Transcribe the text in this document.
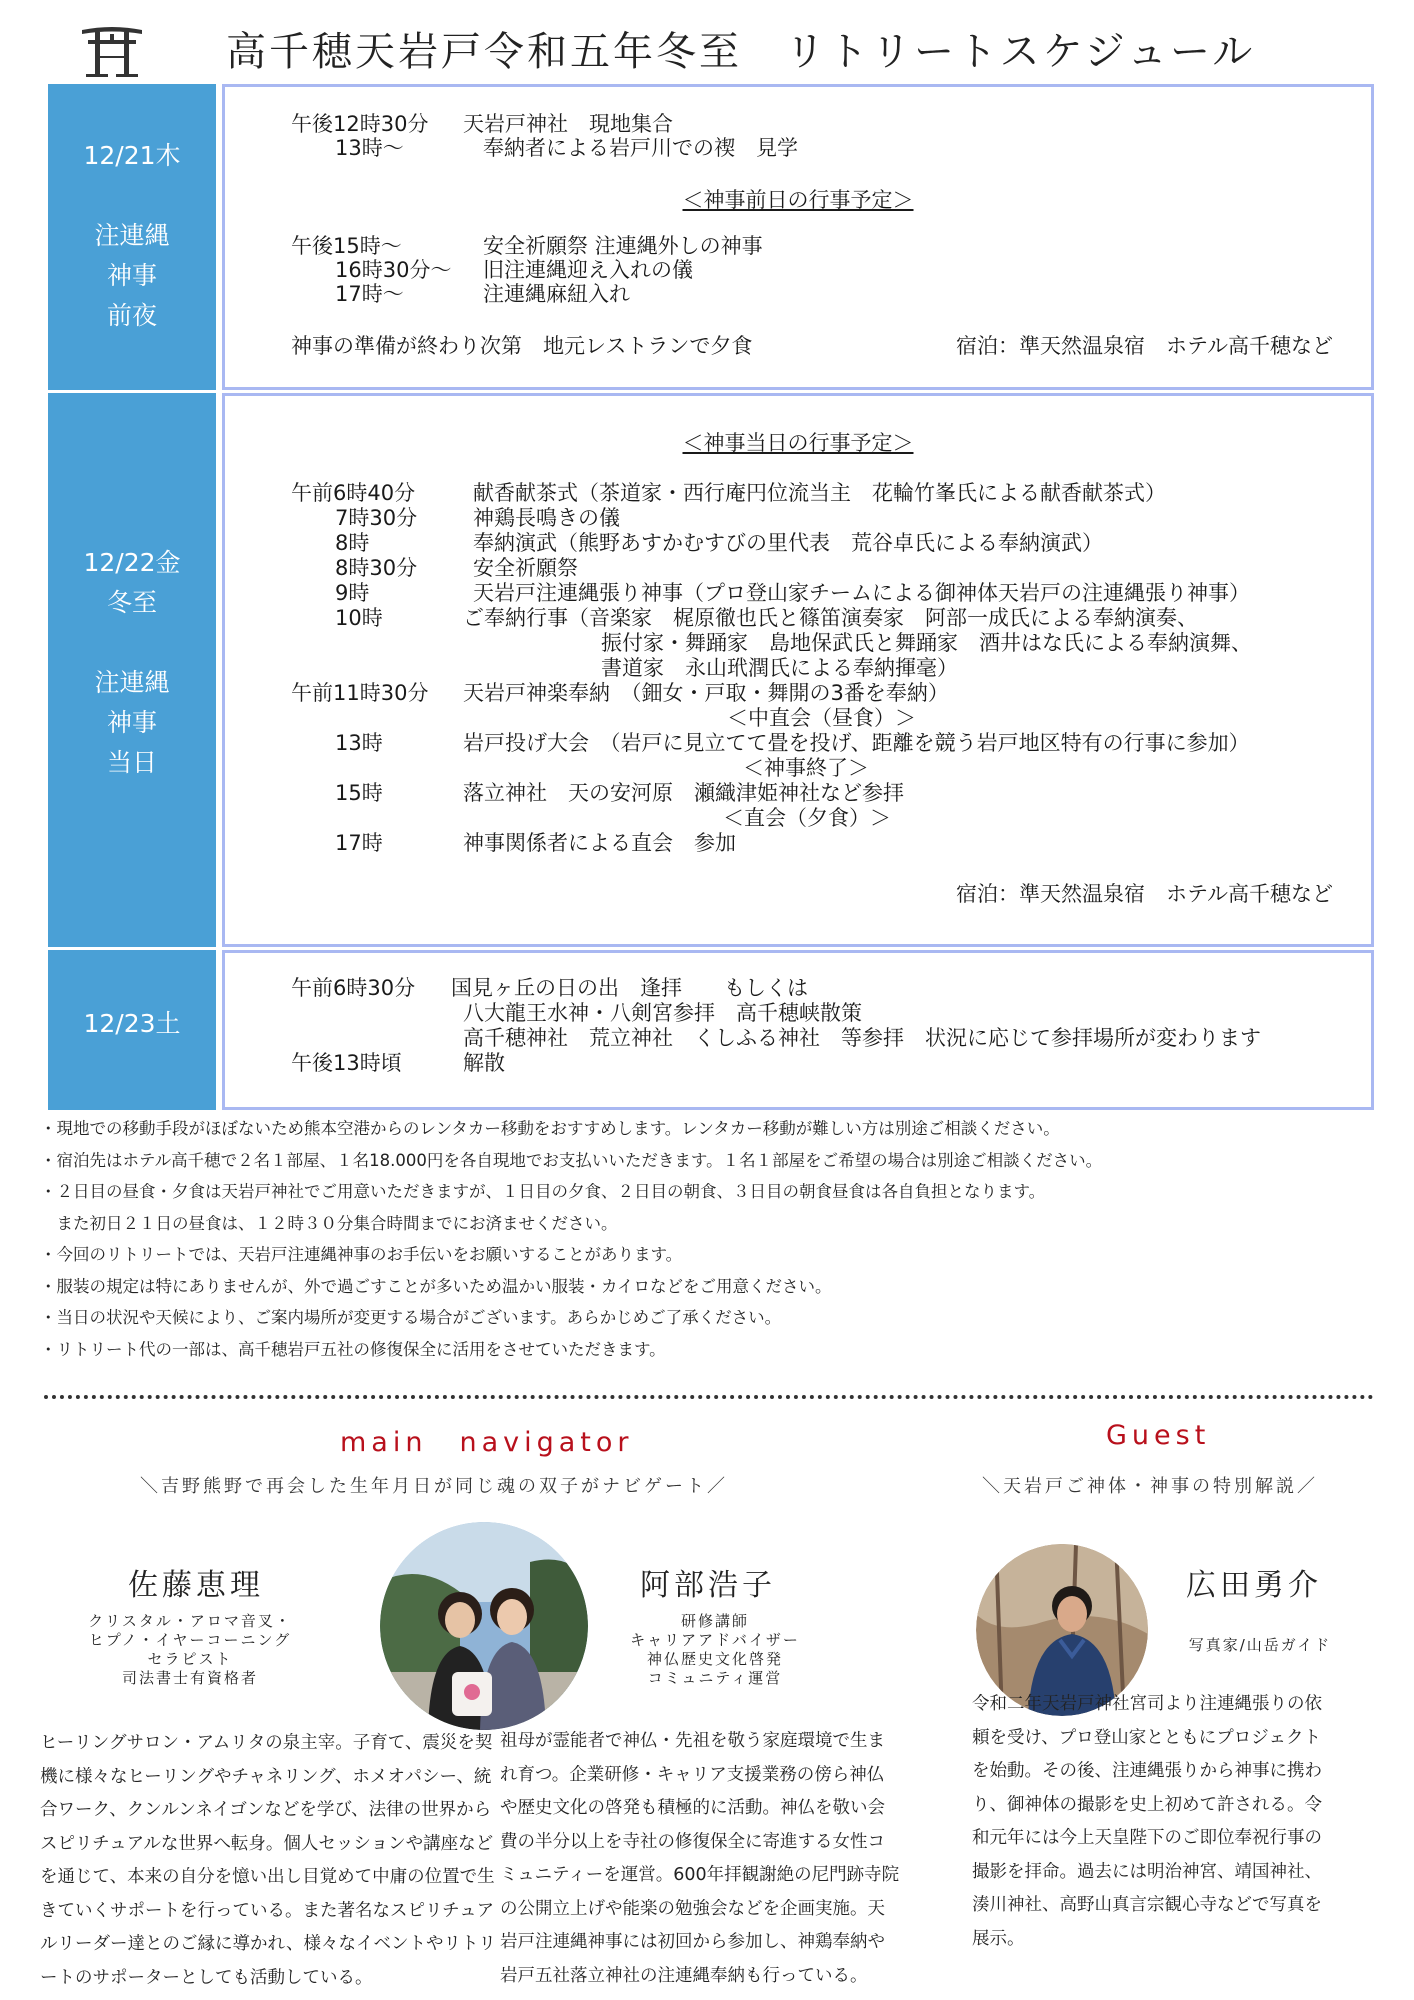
高千穂天岩戸令和五年冬至　リトリートスケジュール
12/21木

注連縄
神事
前夜
午後12時30分 天岩戸神社　現地集合
13時～	奉納者による岩戸川での禊　見学
＜神事前日の行事予定＞
午後15時～	安全祈願祭 注連縄外しの神事
16時30分～ 旧注連縄迎え入れの儀
17時～	注連縄麻紐入れ
神事の準備が終わり次第　地元レストランで夕食	宿泊：準天然温泉宿　ホテル高千穂など
12/22金
冬至

注連縄
神事
当日
＜神事当日の行事予定＞
午前6時40分	献香献茶式（茶道家・西行庵円位流当主　花輪竹峯氏による献香献茶式）
7時30分	神鶏長鳴きの儀
8時	奉納演武（熊野あすかむすびの里代表　荒谷卓氏による奉納演武）
8時30分	安全祈願祭
9時	天岩戸注連縄張り神事（プロ登山家チームによる御神体天岩戸の注連縄張り神事）
10時	ご奉納行事（音楽家　梶原徹也氏と篠笛演奏家　阿部一成氏による奉納演奏、
振付家・舞踊家　島地保武氏と舞踊家　酒井はな氏による奉納演舞、
書道家　永山玳潤氏による奉納揮毫）
午前11時30分 天岩戸神楽奉納　（鈿女・戸取・舞開の3番を奉納）
＜中直会（昼食）＞
13時	岩戸投げ大会　（岩戸に見立てて畳を投げ、距離を競う岩戸地区特有の行事に参加）
＜神事終了＞
15時	落立神社　天の安河原　瀬織津姫神社など参拝
＜直会（夕食）＞
17時	神事関係者による直会　参加
宿泊：準天然温泉宿　ホテル高千穂など
12/23土
午前6時30分 国見ヶ丘の日の出　逢拝　　もしくは
八大龍王水神・八剣宮参拝　高千穂峡散策
高千穂神社　荒立神社　くしふる神社　等参拝　状況に応じて参拝場所が変わります
午後13時頃	解散
・現地での移動手段がほぼないため熊本空港からのレンタカー移動をおすすめします。レンタカー移動が難しい方は別途ご相談ください。
・宿泊先はホテル高千穂で２名１部屋、１名18.000円を各自現地でお支払いいただきます。１名１部屋をご希望の場合は別途ご相談ください。
・２日目の昼食・夕食は天岩戸神社でご用意いただきますが、１日目の夕食、２日目の朝食、３日目の朝食昼食は各自負担となります。
　また初日２１日の昼食は、１２時３０分集合時間までにお済ませください。
・今回のリトリートでは、天岩戸注連縄神事のお手伝いをお願いすることがあります。
・服装の規定は特にありませんが、外で過ごすことが多いため温かい服装・カイロなどをご用意ください。
・当日の状況や天候により、ご案内場所が変更する場合がございます。あらかじめご了承ください。
・リトリート代の一部は、高千穂岩戸五社の修復保全に活用をさせていただきます。
main　navigator
＼吉野熊野で再会した生年月日が同じ魂の双子がナビゲート／
佐藤恵理
クリスタル・アロマ音叉・
ヒプノ・イヤーコーニング
セラピスト
司法書士有資格者
阿部浩子
研修講師
キャリアアドバイザー
神仏歴史文化啓発
コミュニティ運営
ヒーリングサロン・アムリタの泉主宰。子育て、震災を契
機に様々なヒーリングやチャネリング、ホメオパシー、統
合ワーク、クンルンネイゴンなどを学び、法律の世界から
スピリチュアルな世界へ転身。個人セッションや講座など
を通じて、本来の自分を憶い出し目覚めて中庸の位置で生
きていくサポートを行っている。また著名なスピリチュア
ルリーダー達とのご縁に導かれ、様々なイベントやリトリ
ートのサポーターとしても活動している。
祖母が霊能者で神仏・先祖を敬う家庭環境で生ま
れ育つ。企業研修・キャリア支援業務の傍ら神仏
や歴史文化の啓発も積極的に活動。神仏を敬い会
費の半分以上を寺社の修復保全に寄進する女性コ
ミュニティーを運営。600年拝観謝絶の尼門跡寺院
の公開立上げや能楽の勉強会などを企画実施。天
岩戸注連縄神事には初回から参加し、神鶏奉納や
岩戸五社落立神社の注連縄奉納も行っている。
Guest
＼天岩戸ご神体・神事の特別解説／
広田勇介
写真家/山岳ガイド
令和二年天岩戸神社宮司より注連縄張りの依
頼を受け、プロ登山家とともにプロジェクト
を始動。その後、注連縄張りから神事に携わ
り、御神体の撮影を史上初めて許される。令
和元年には今上天皇陛下のご即位奉祝行事の
撮影を拝命。過去には明治神宮、靖国神社、
湊川神社、高野山真言宗観心寺などで写真を
展示。
